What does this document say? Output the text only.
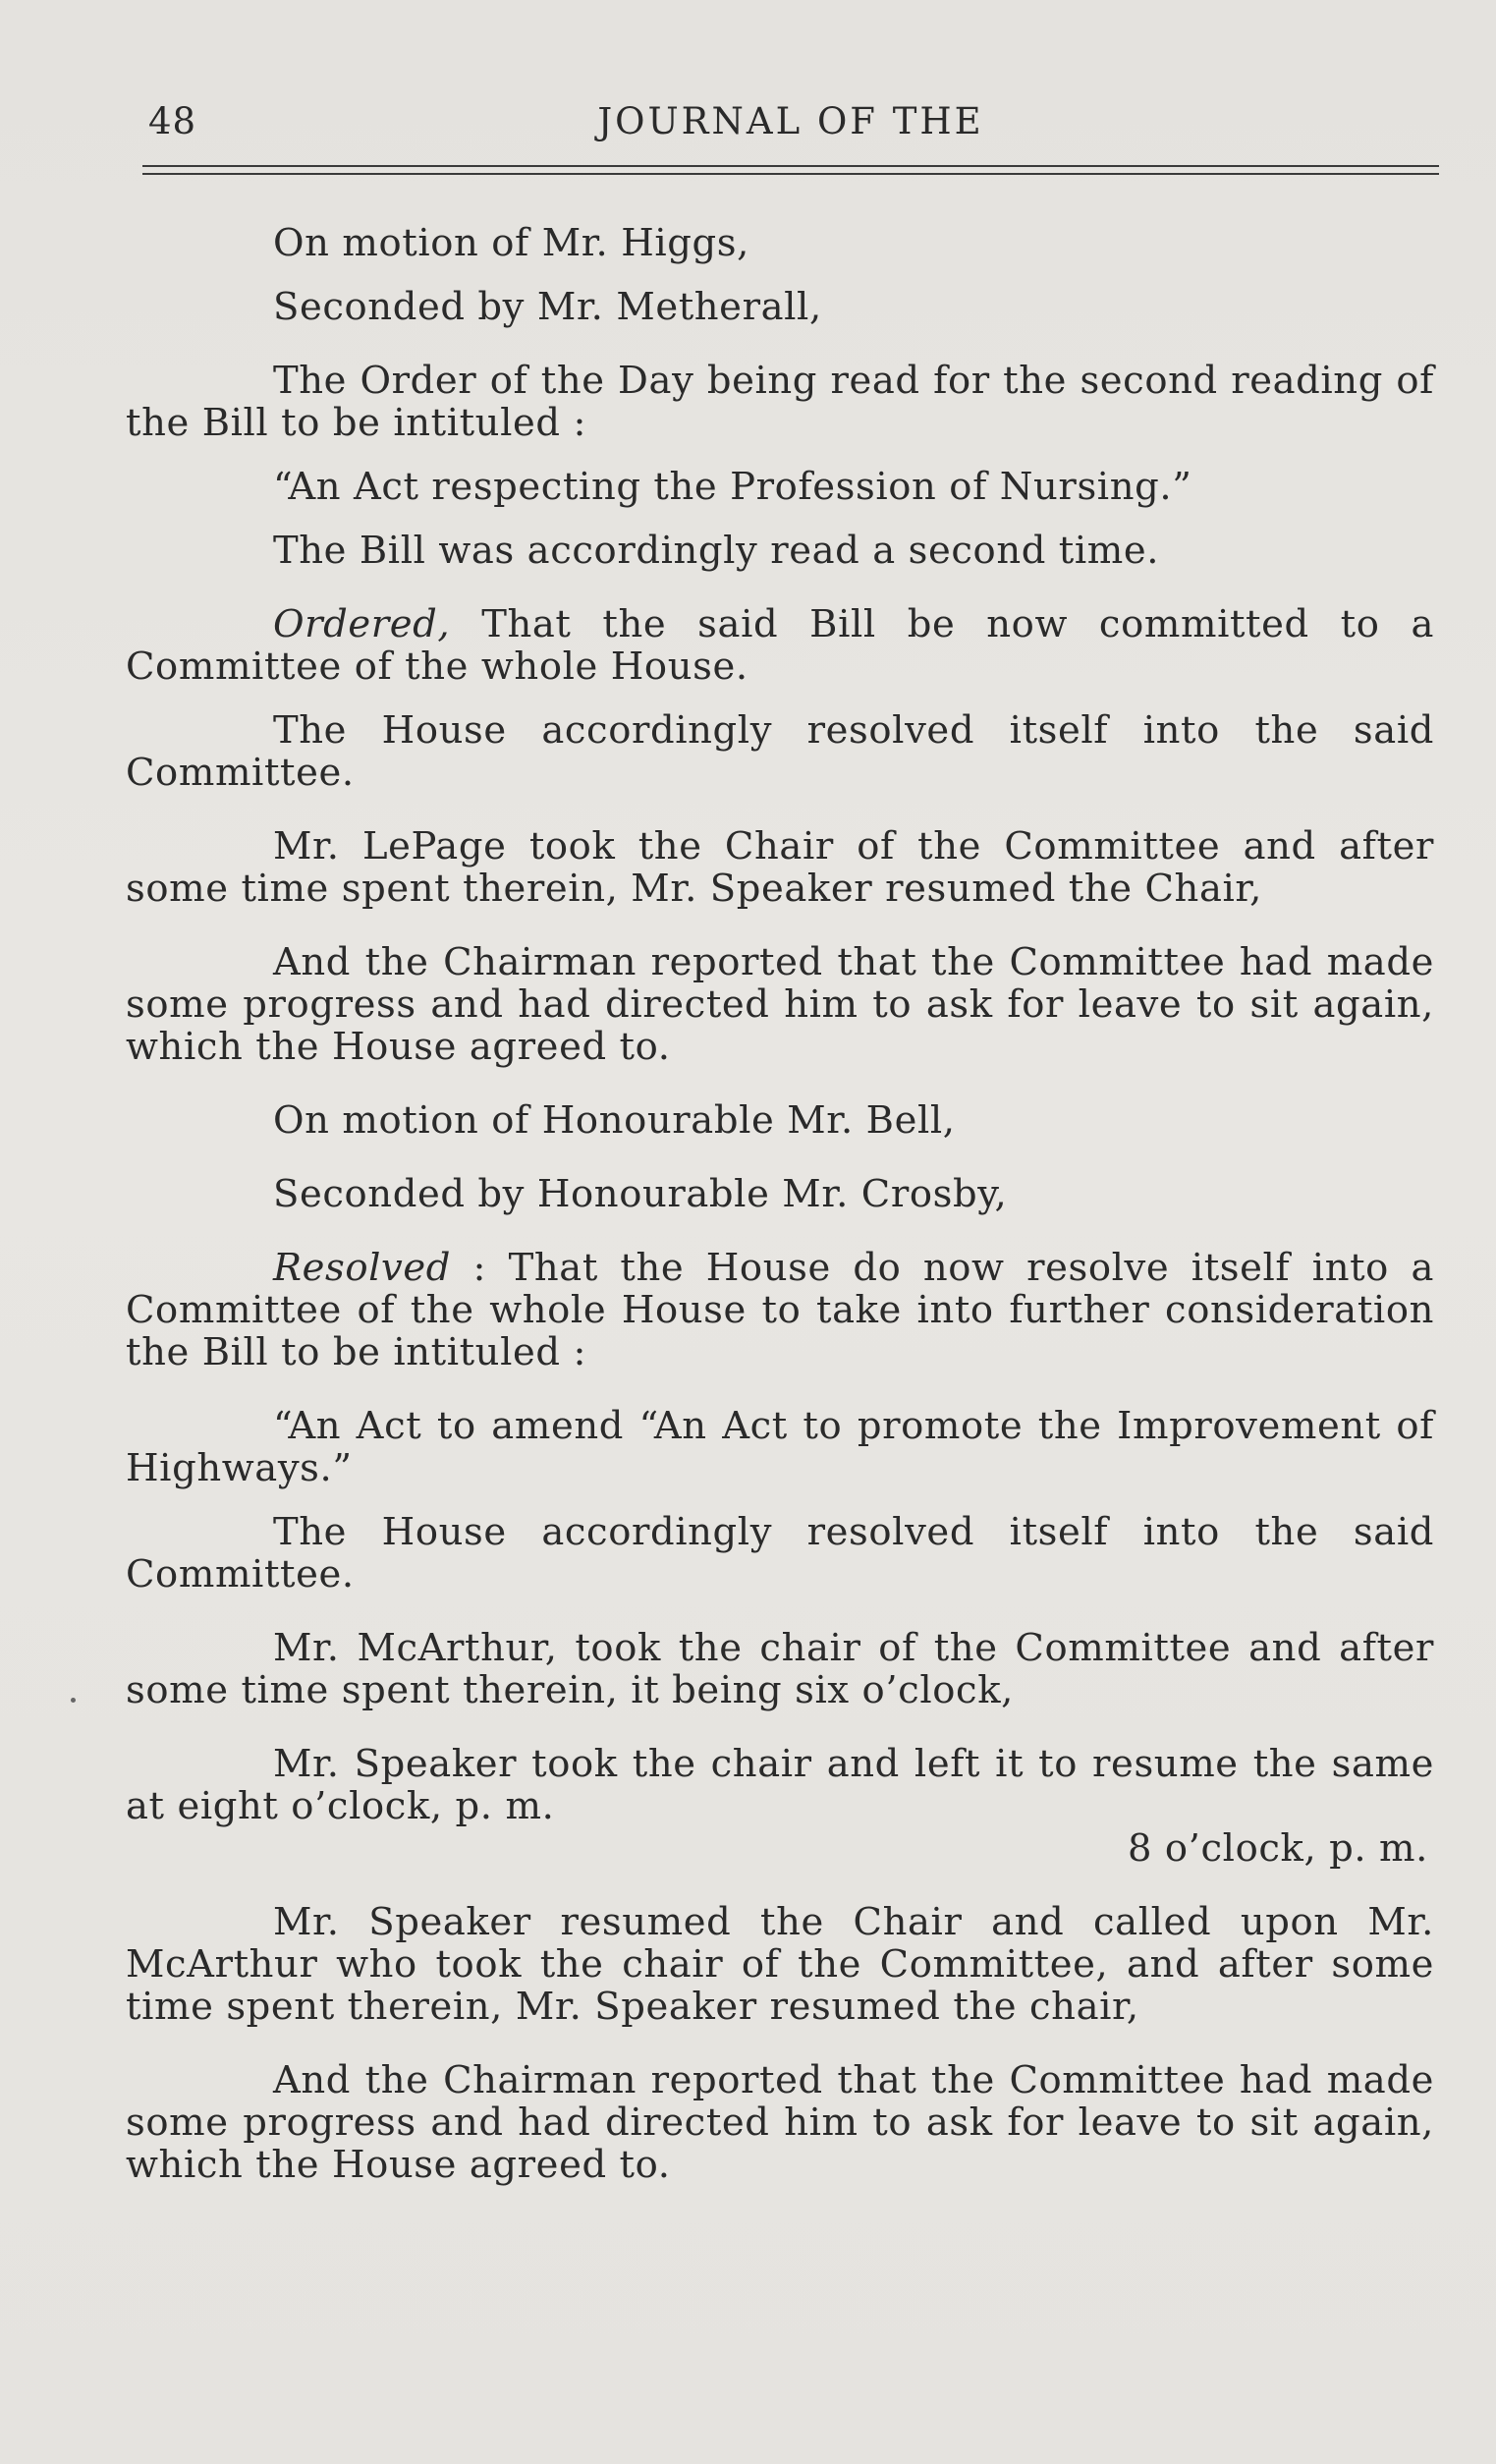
48	JOURNAL OF THE

On motion of Mr. Higgs,

Seconded by Mr. Metherall,

The Order of the Day being read for the second reading of the Bill to be intituled :

“An Act respecting the Profession of Nursing.”

The Bill was accordingly read a second time.

Ordered, That the said Bill be now committed to a Committee of the whole House.

The House accordingly resolved itself into the said Committee.

Mr. LePage took the Chair of the Committee and after some time spent therein, Mr. Speaker resumed the Chair,

And the Chairman reported that the Committee had made some progress and had directed him to ask for leave to sit again, which the House agreed to.

On motion of Honourable Mr. Bell,

Seconded by Honourable Mr. Crosby,

Resolved : That the House do now resolve itself into a Committee of the whole House to take into further consideration the Bill to be intituled :

“An Act to amend “An Act to promote the Improvement of Highways.”

The House accordingly resolved itself into the said Committee.

Mr. McArthur, took the chair of the Committee and after some time spent therein, it being six o’clock,

Mr. Speaker took the chair and left it to resume the same at eight o’clock, p. m.

8 o’clock, p. m.

Mr. Speaker resumed the Chair and called upon Mr. McArthur who took the chair of the Committee, and after some time spent therein, Mr. Speaker resumed the chair,

And the Chairman reported that the Committee had made some progress and had directed him to ask for leave to sit again, which the House agreed to.
